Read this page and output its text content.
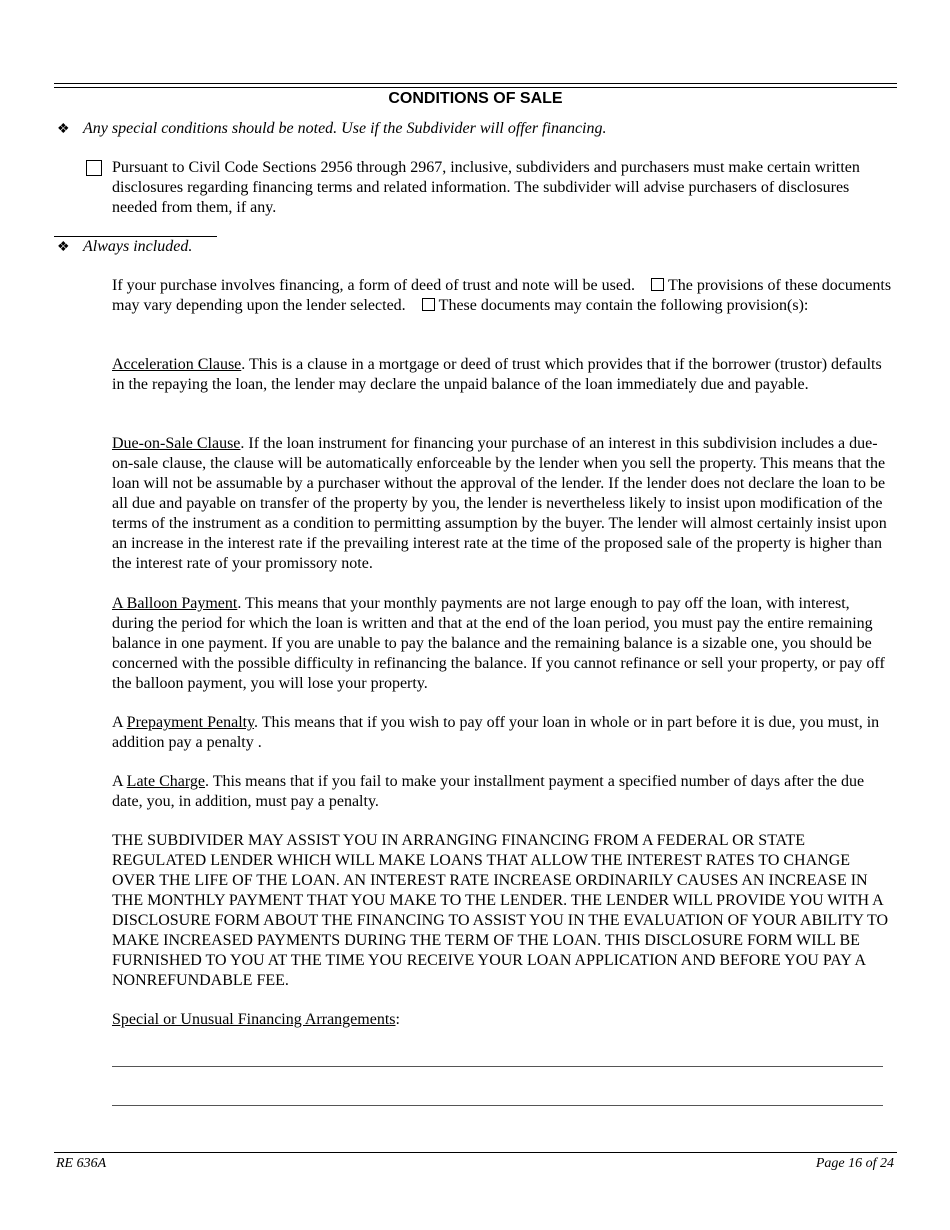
CONDITIONS OF SALE
❖ Any special conditions should be noted. Use if the Subdivider will offer financing.
Pursuant to Civil Code Sections 2956 through 2967, inclusive, subdividers and purchasers must make certain written disclosures regarding financing terms and related information. The subdivider will advise purchasers of disclosures needed from them, if any.
❖ Always included.
If your purchase involves financing, a form of deed of trust and note will be used. The provisions of these documents may vary depending upon the lender selected. These documents may contain the following provision(s):
Acceleration Clause. This is a clause in a mortgage or deed of trust which provides that if the borrower (trustor) defaults in the repaying the loan, the lender may declare the unpaid balance of the loan immediately due and payable.
Due-on-Sale Clause. If the loan instrument for financing your purchase of an interest in this subdivision includes a due-on-sale clause, the clause will be automatically enforceable by the lender when you sell the property. This means that the loan will not be assumable by a purchaser without the approval of the lender. If the lender does not declare the loan to be all due and payable on transfer of the property by you, the lender is nevertheless likely to insist upon modification of the terms of the instrument as a condition to permitting assumption by the buyer. The lender will almost certainly insist upon an increase in the interest rate if the prevailing interest rate at the time of the proposed sale of the property is higher than the interest rate of your promissory note.
A Balloon Payment. This means that your monthly payments are not large enough to pay off the loan, with interest, during the period for which the loan is written and that at the end of the loan period, you must pay the entire remaining balance in one payment. If you are unable to pay the balance and the remaining balance is a sizable one, you should be concerned with the possible difficulty in refinancing the balance. If you cannot refinance or sell your property, or pay off the balloon payment, you will lose your property.
A Prepayment Penalty. This means that if you wish to pay off your loan in whole or in part before it is due, you must, in addition pay a penalty .
A Late Charge. This means that if you fail to make your installment payment a specified number of days after the due date, you, in addition, must pay a penalty.
THE SUBDIVIDER MAY ASSIST YOU IN ARRANGING FINANCING FROM A FEDERAL OR STATE REGULATED LENDER WHICH WILL MAKE LOANS THAT ALLOW THE INTEREST RATES TO CHANGE OVER THE LIFE OF THE LOAN. AN INTEREST RATE INCREASE ORDINARILY CAUSES AN INCREASE IN THE MONTHLY PAYMENT THAT YOU MAKE TO THE LENDER. THE LENDER WILL PROVIDE YOU WITH A DISCLOSURE FORM ABOUT THE FINANCING TO ASSIST YOU IN THE EVALUATION OF YOUR ABILITY TO MAKE INCREASED PAYMENTS DURING THE TERM OF THE LOAN. THIS DISCLOSURE FORM WILL BE FURNISHED TO YOU AT THE TIME YOU RECEIVE YOUR LOAN APPLICATION AND BEFORE YOU PAY A NONREFUNDABLE FEE.
Special or Unusual Financing Arrangements:
RE 636A	Page 16 of 24
